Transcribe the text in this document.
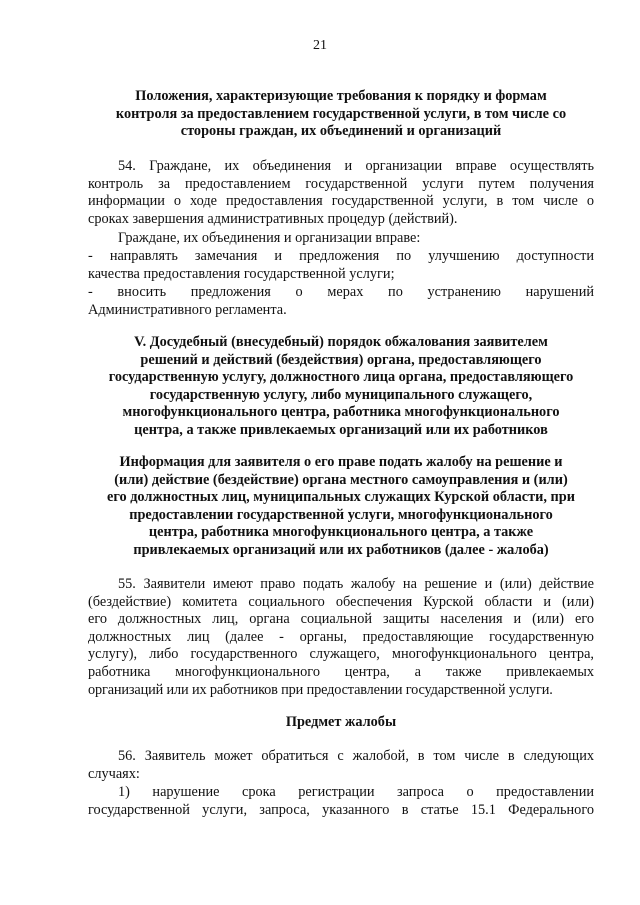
21
Положения, характеризующие требования к порядку и формам
контроля за предоставлением государственной услуги, в том числе со
стороны граждан, их объединений и организаций
54. Граждане, их объединения и организации вправе осуществлять
контроль за предоставлением государственной услуги путем получения
информации о ходе предоставления государственной услуги, в том числе о
сроках завершения административных процедур (действий).
Граждане, их объединения и организации вправе:
- направлять замечания и предложения по улучшению доступности
качества предоставления государственной услуги;
- вносить предложения о мерах по устранению нарушений
Административного регламента.
V. Досудебный (внесудебный) порядок обжалования заявителем
решений и действий (бездействия) органа, предоставляющего
государственную услугу, должностного лица органа, предоставляющего
государственную услугу, либо муниципального служащего,
многофункционального центра, работника многофункционального
центра, а также привлекаемых организаций или их работников
Информация для заявителя о его праве подать жалобу на решение и
(или) действие (бездействие) органа местного самоуправления и (или)
его должностных лиц, муниципальных служащих Курской области, при
предоставлении государственной услуги, многофункционального
центра, работника многофункционального центра, а также
привлекаемых организаций или их работников (далее - жалоба)
55. Заявители имеют право подать жалобу на решение и (или) действие
(бездействие) комитета социального обеспечения Курской области и (или)
его должностных лиц, органа социальной защиты населения и (или) его
должностных лиц (далее - органы, предоставляющие государственную
услугу), либо государственного служащего, многофункционального центра,
работника многофункционального центра, а также привлекаемых
организаций или их работников при предоставлении государственной услуги.
Предмет жалобы
56. Заявитель может обратиться с жалобой, в том числе в следующих
случаях:
1) нарушение срока регистрации запроса о предоставлении
государственной услуги, запроса, указанного в статье 15.1 Федерального
